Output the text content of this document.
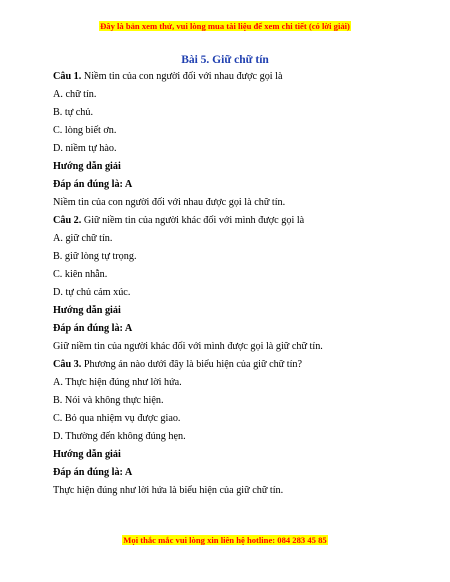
Đây là bản xem thử, vui lòng mua tài liệu để xem chi tiết (có lời giải)
Bài 5. Giữ chữ tín
Câu 1. Niềm tin của con người đối với nhau được gọi là
A. chữ tín.
B. tự chủ.
C. lòng biết ơn.
D. niềm tự hào.
Hướng dẫn giải
Đáp án đúng là: A
Niềm tin của con người đối với nhau được gọi là chữ tín.
Câu 2. Giữ niềm tin của người khác đối với mình được gọi là
A. giữ chữ tín.
B. giữ lòng tự trọng.
C. kiên nhẫn.
D. tự chủ cảm xúc.
Hướng dẫn giải
Đáp án đúng là: A
Giữ niềm tin của người khác đối với mình được gọi là giữ chữ tín.
Câu 3. Phương án nào dưới đây là biểu hiện của giữ chữ tín?
A. Thực hiện đúng như lời hứa.
B. Nói và không thực hiện.
C. Bỏ qua nhiệm vụ được giao.
D. Thường đến không đúng hẹn.
Hướng dẫn giải
Đáp án đúng là: A
Thực hiện đúng như lời hứa là biểu hiện của giữ chữ tín.
Mọi thắc mắc vui lòng xin liên hệ hotline: 084 283 45 85
